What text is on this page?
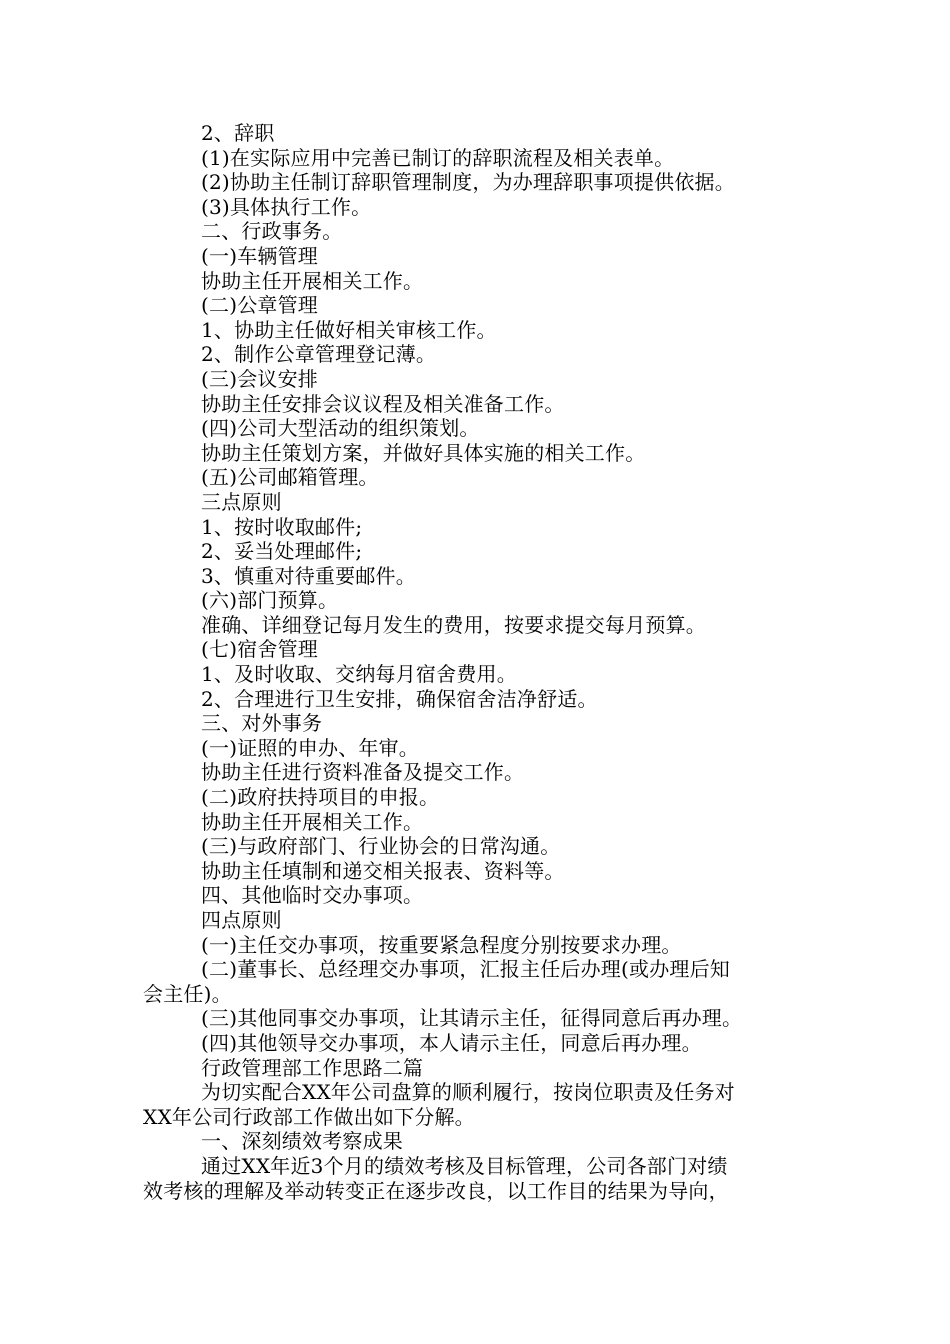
2、辞职
(1)在实际应用中完善已制订的辞职流程及相关表单。
(2)协助主任制订辞职管理制度，为办理辞职事项提供依据。
(3)具体执行工作。
二、行政事务。
(一)车辆管理
协助主任开展相关工作。
(二)公章管理
1、协助主任做好相关审核工作。
2、制作公章管理登记薄。
(三)会议安排
协助主任安排会议议程及相关准备工作。
(四)公司大型活动的组织策划。
协助主任策划方案，并做好具体实施的相关工作。
(五)公司邮箱管理。
三点原则
1、按时收取邮件;
2、妥当处理邮件;
3、慎重对待重要邮件。
(六)部门预算。
准确、详细登记每月发生的费用，按要求提交每月预算。
(七)宿舍管理
1、及时收取、交纳每月宿舍费用。
2、合理进行卫生安排，确保宿舍洁净舒适。
三、对外事务
(一)证照的申办、年审。
协助主任进行资料准备及提交工作。
(二)政府扶持项目的申报。
协助主任开展相关工作。
(三)与政府部门、行业协会的日常沟通。
协助主任填制和递交相关报表、资料等。
四、其他临时交办事项。
四点原则
(一)主任交办事项，按重要紧急程度分别按要求办理。
(二)董事长、总经理交办事项，汇报主任后办理(或办理后知
会主任)。
(三)其他同事交办事项，让其请示主任，征得同意后再办理。
(四)其他领导交办事项，本人请示主任，同意后再办理。
行政管理部工作思路二篇
为切实配合XX年公司盘算的顺利履行，按岗位职责及任务对
XX年公司行政部工作做出如下分解。
一、深刻绩效考察成果
通过XX年近3个月的绩效考核及目标管理，公司各部门对绩
效考核的理解及举动转变正在逐步改良，以工作目的结果为导向，
